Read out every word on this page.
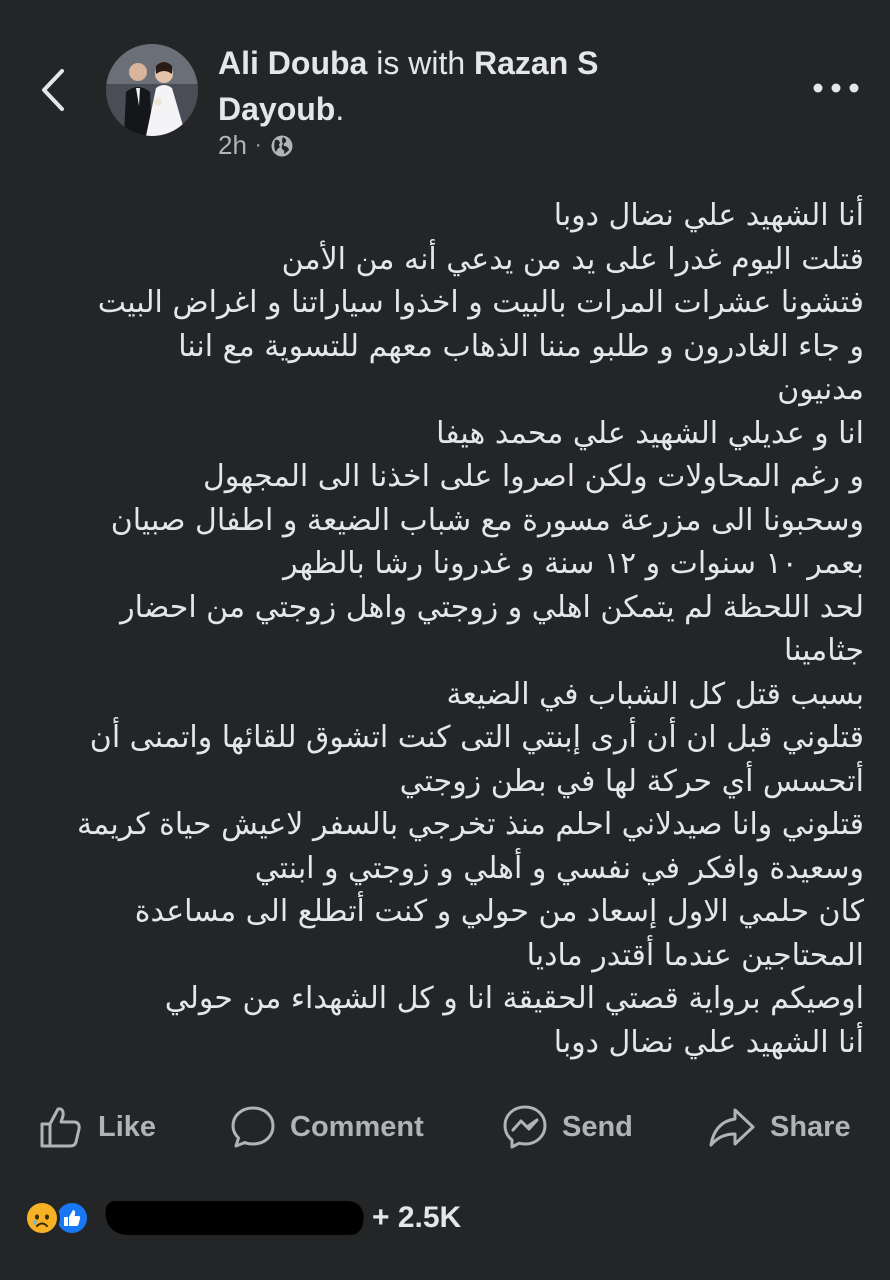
Ali Douba is with Razan S
Dayoub.
2h ·
أنا الشهيد علي نضال دوبا
قتلت اليوم غدرا على يد من يدعي أنه من الأمن
فتشونا عشرات المرات بالبيت و اخذوا سياراتنا و اغراض البيت
و جاء الغادرون و طلبو مننا الذهاب معهم للتسوية مع اننا
مدنيون
انا و عديلي الشهيد علي محمد هيفا
و رغم المحاولات ولكن اصروا على اخذنا الى المجهول
وسحبونا الى مزرعة مسورة مع شباب الضيعة و اطفال صبيان
بعمر ١٠ سنوات و ١٢ سنة و غدرونا رشا بالظهر
لحد اللحظة لم يتمكن اهلي و زوجتي واهل زوجتي من احضار
جثامينا
بسبب قتل كل الشباب في الضيعة
قتلوني قبل ان أن أرى إبنتي التى كنت اتشوق للقائها واتمنى أن
أتحسس أي حركة لها في بطن زوجتي
قتلوني وانا صيدلاني احلم منذ تخرجي بالسفر لاعيش حياة كريمة
وسعيدة وافكر في نفسي و أهلي و زوجتي و ابنتي
كان حلمي الاول إسعاد من حولي و كنت أتطلع الى مساعدة
المحتاجين عندما أقتدر ماديا
اوصيكم برواية قصتي الحقيقة انا و كل الشهداء من حولي
أنا الشهيد علي نضال دوبا
Like	Comment	Send	Share
+ 2.5K
